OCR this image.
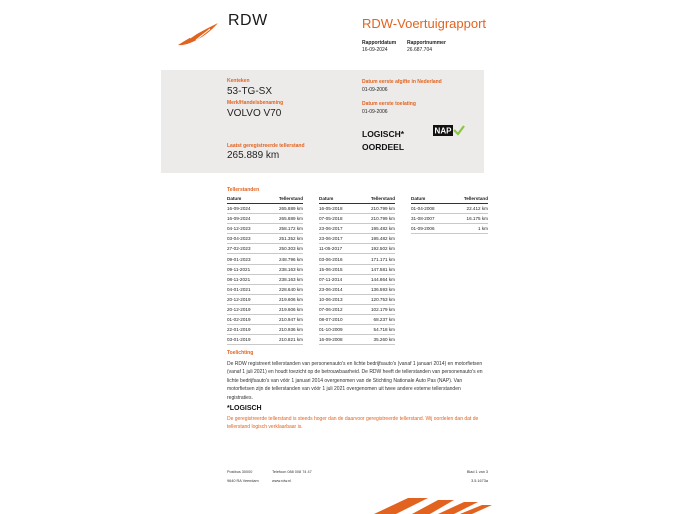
RDW	RDW-Voertuigrapport
Rapportdatum
16-09-2024
Rapportnummer
26.687.704
Kenteken
53-TG-SX
Merk/Handelsbenaming
VOLVO V70
Laatst geregistreerde tellerstand
265.889 km
Datum eerste afgifte in Nederland
01-09-2006
Datum eerste toelating
01-09-2006
LOGISCH*
OORDEEL
NAP
Tellerstanden
Datum	Tellerstand
16-09-2024	265.889 km
16-09-2024	265.889 km
04-12-2023	258.172 km
03-04-2023	251.352 km
27-02-2023	250.303 km
09-01-2023	248.796 km
09-11-2021	238.163 km
08-11-2021	238.163 km
04-01-2021	228.640 km
20-12-2019	219.606 km
20-12-2019	219.606 km
01-02-2019	210.947 km
22-01-2019	210.936 km
03-01-2019	210.821 km
Datum	Tellerstand
16-05-2018	210.799 km
07-05-2018	210.799 km
23-06-2017	195.482 km
23-06-2017	195.482 km
11-05-2017	192.502 km
03-06-2016	171.171 km
15-06-2015	147.581 km
07-11-2014	144.864 km
23-06-2014	136.593 km
10-06-2013	120.753 km
07-06-2012	102.179 km
08-07-2010	68.237 km
01-10-2009	54.718 km
16-09-2008	35.260 km
Datum	Tellerstand
01-04-2008	22.412 km
31-08-2007	16.175 km
01-09-2006	1 km
Toelichting
De RDW registreert tellerstanden van personenauto's en lichte bedrijfsauto's (vanaf 1 januari 2014) en motorfietsen (vanaf 1 juli 2021) en houdt toezicht op de betrouwbaarheid. De RDW heeft de tellerstanden van personenauto's en lichte bedrijfsauto's van vóór 1 januari 2014 overgenomen van de Stichting Nationale Auto Pas (NAP). Van motorfietsen zijn de tellerstanden van vóór 1 juli 2021 overgenomen uit twee andere externe tellerstanden registraties.
*LOGISCH
De geregistreerde tellerstand is steeds hoger dan de daarvoor geregistreerde tellerstand. Wij oordelen dan dat de tellerstand logisch verklaarbaar is.
Postbus 30000
9640 RA Veendam
Telefoon 088 008 74 47
www.rdw.nl
Blad 1 van 3
3.5.1673a
